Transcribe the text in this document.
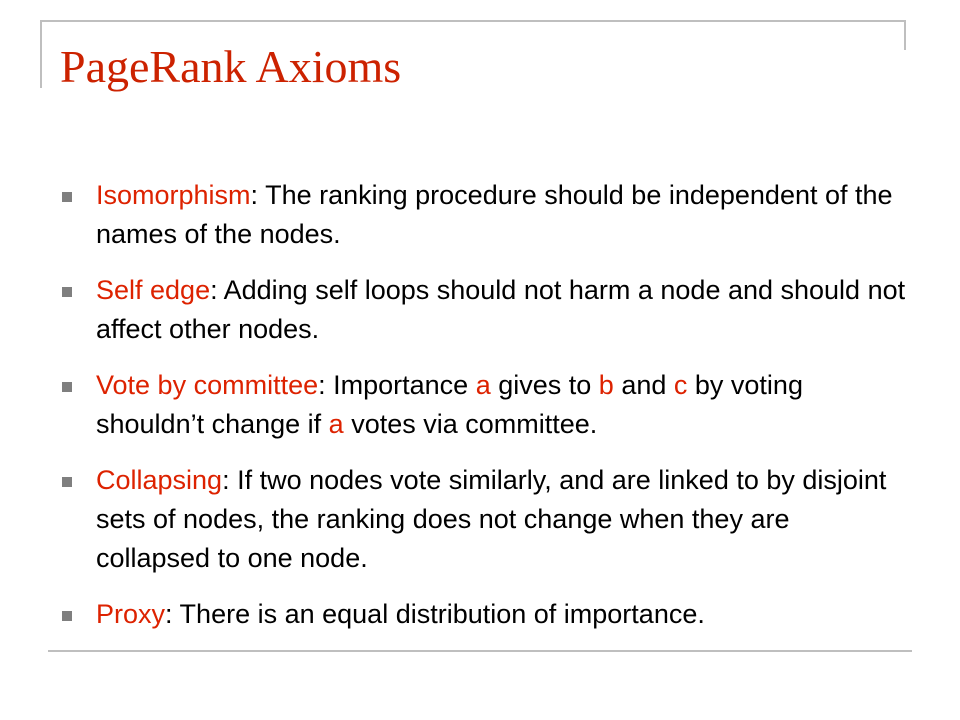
PageRank Axioms
Isomorphism: The ranking procedure should be independent of the names of the nodes.
Self edge: Adding self loops should not harm a node and should not affect other nodes.
Vote by committee: Importance a gives to b and c by voting shouldn’t change if a votes via committee.
Collapsing: If two nodes vote similarly, and are linked to by disjoint sets of nodes, the ranking does not change when they are collapsed to one node.
Proxy: There is an equal distribution of importance.
